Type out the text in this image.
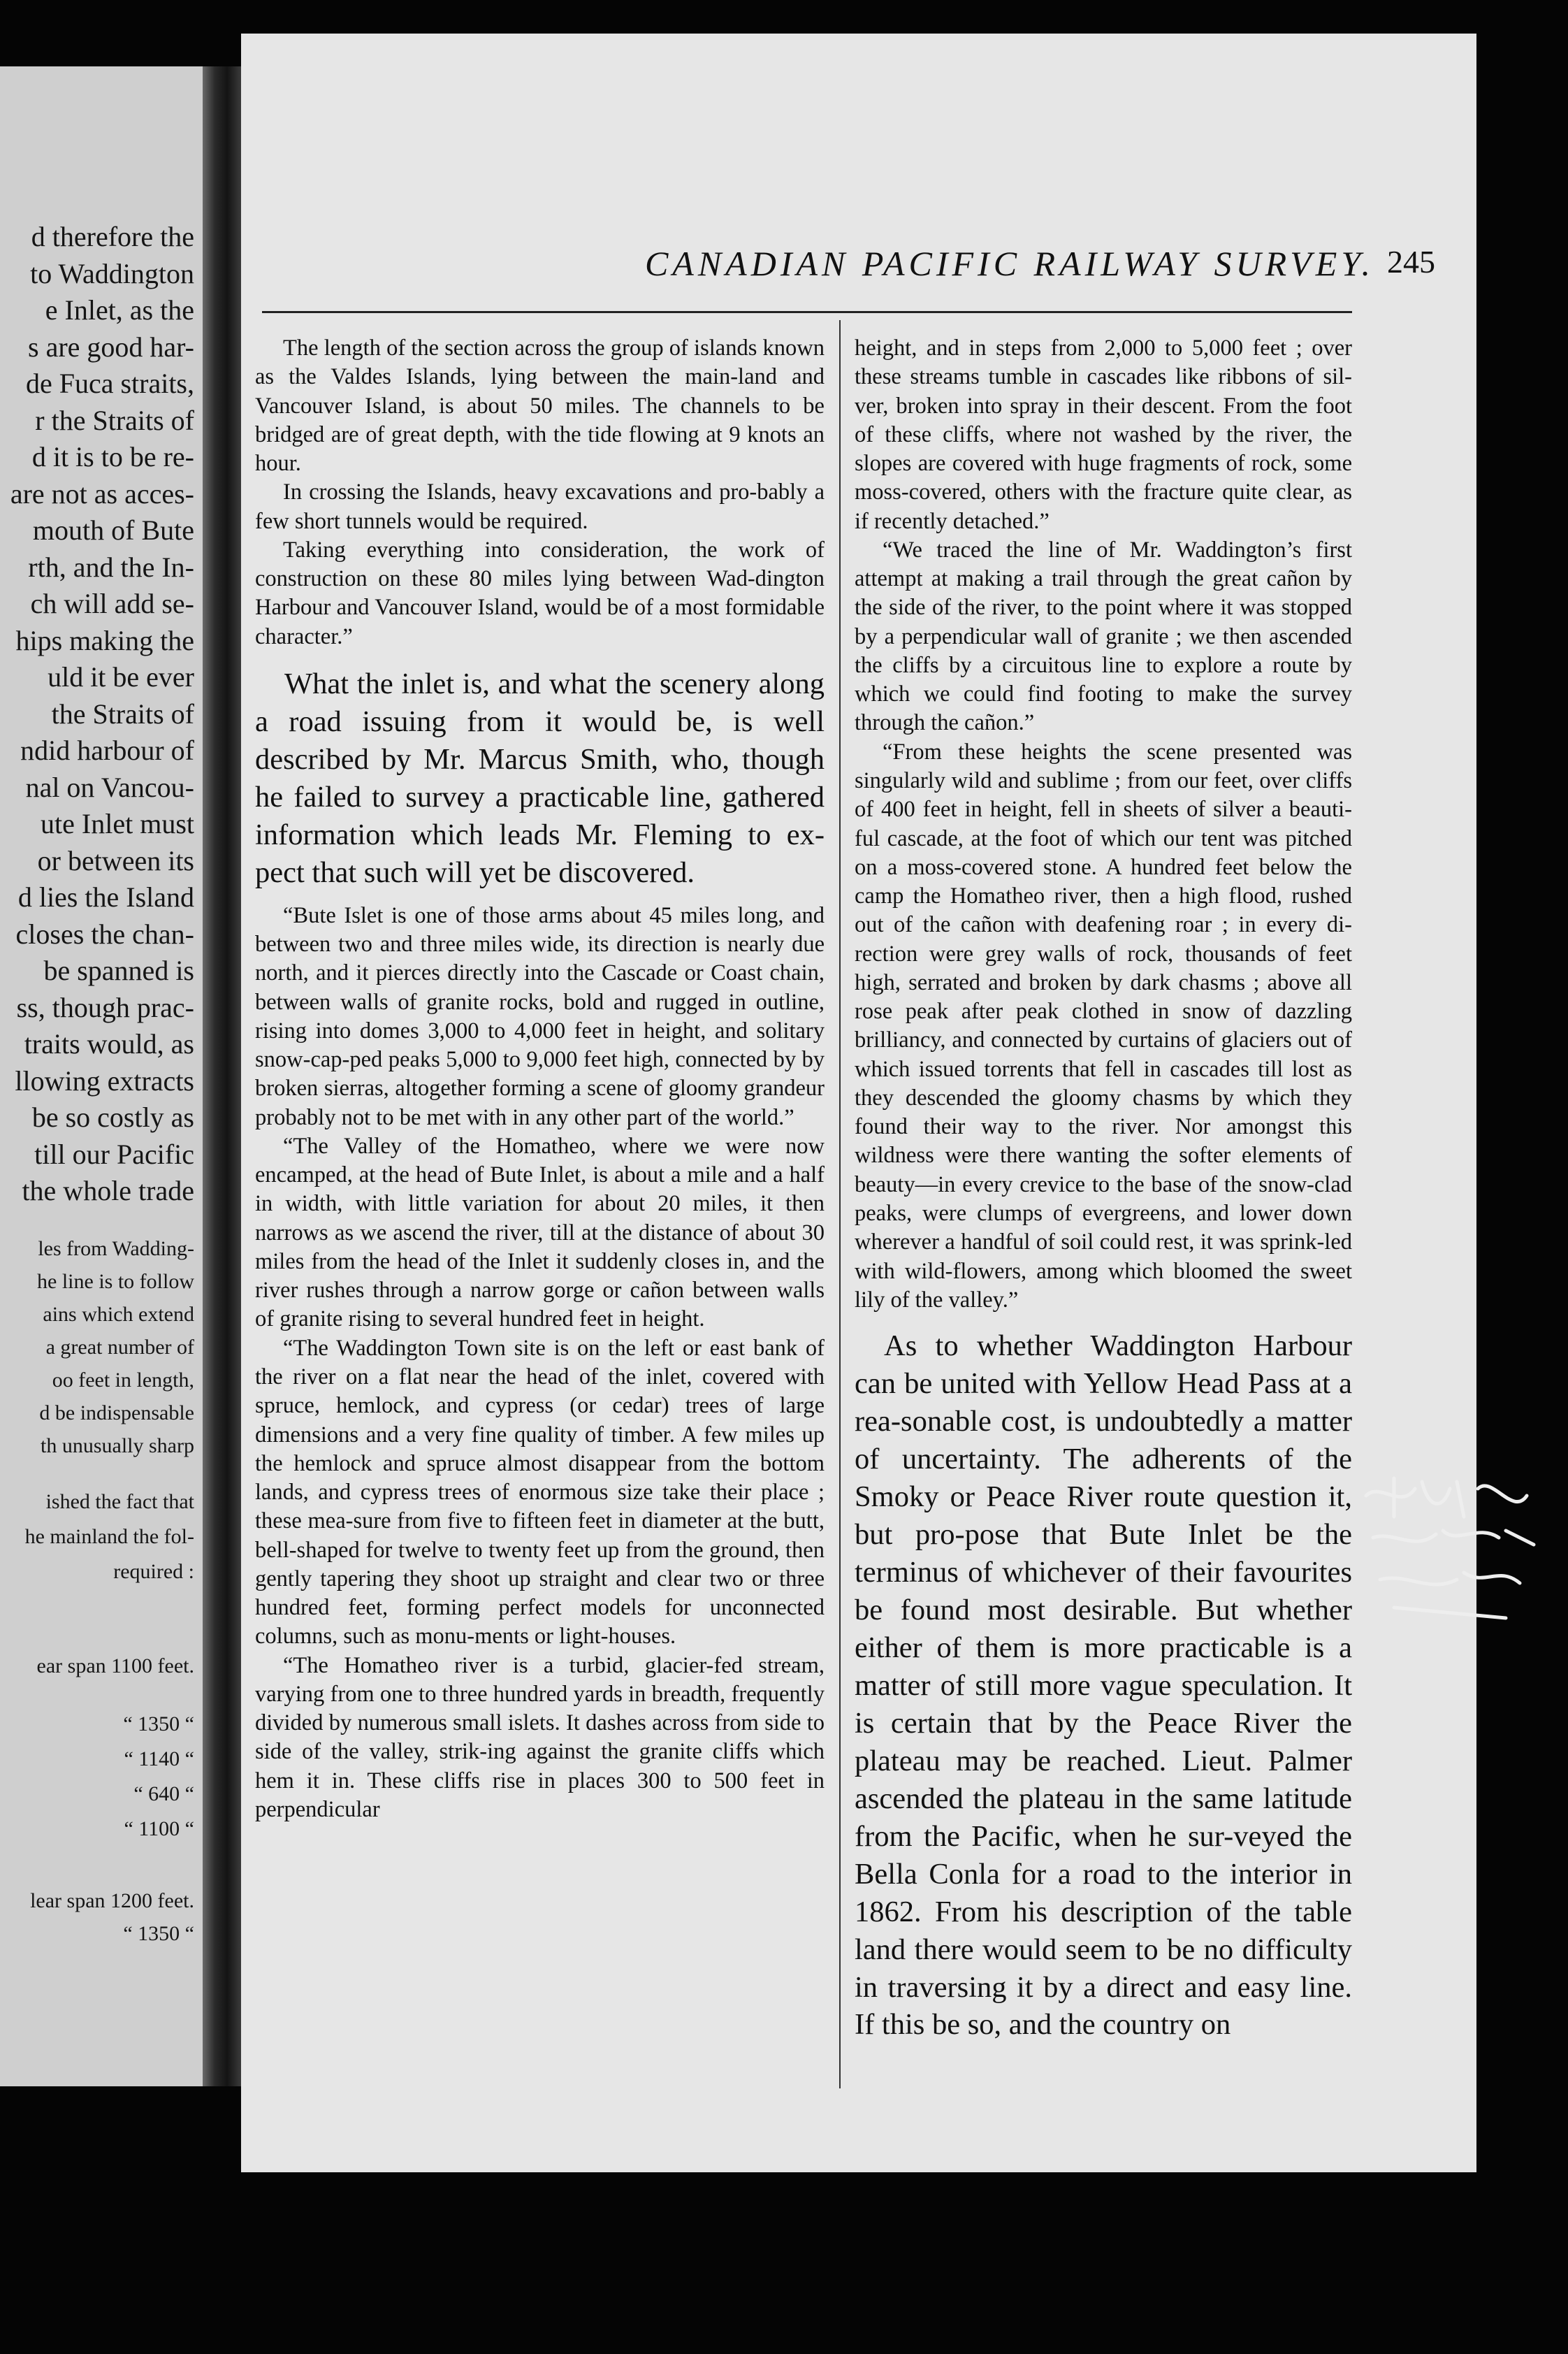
d therefore the
to Waddington
e Inlet, as the
s are good har-
de Fuca straits,
r the Straits of
d it is to be re-
are not as acces-
mouth of Bute
rth, and the In-
ch will add se-
hips making the
uld it be ever
the Straits of
ndid harbour of
nal on Vancou-
ute Inlet must
or between its
d lies the Island
closes the chan-
be spanned is
ss, though prac-
traits would, as
llowing extracts
be so costly as
till our Pacific
the whole trade
les from Wadding-
he line is to follow
ains which extend
a great number of
oo feet in length,
d be indispensable
th unusually sharp
ished the fact that
he mainland the fol-
required :
ear span 1100 feet.
“ 1350 “
“ 1140 “
“ 640 “
“ 1100 “
lear span 1200 feet.
“ 1350 “
CANADIAN PACIFIC RAILWAY SURVEY. 245

The length of the section across the group of islands known as the Valdes Islands, lying between the main-land and Vancouver Island, is about 50 miles. The channels to be bridged are of great depth, with the tide flowing at 9 knots an hour.

In crossing the Islands, heavy excavations and pro-bably a few short tunnels would be required.

Taking everything into consideration, the work of construction on these 80 miles lying between Wad-dington Harbour and Vancouver Island, would be of a most formidable character.”

What the inlet is, and what the scenery along a road issuing from it would be, is well described by Mr. Marcus Smith, who, though he failed to survey a practicable line, gathered information which leads Mr. Fleming to ex-pect that such will yet be discovered.

“Bute Islet is one of those arms about 45 miles long, and between two and three miles wide, its direction is nearly due north, and it pierces directly into the Cascade or Coast chain, between walls of granite rocks, bold and rugged in outline, rising into domes 3,000 to 4,000 feet in height, and solitary snow-cap-ped peaks 5,000 to 9,000 feet high, connected by by broken sierras, altogether forming a scene of gloomy grandeur probably not to be met with in any other part of the world.”

“The Valley of the Homatheo, where we were now encamped, at the head of Bute Inlet, is about a mile and a half in width, with little variation for about 20 miles, it then narrows as we ascend the river, till at the distance of about 30 miles from the head of the Inlet it suddenly closes in, and the river rushes through a narrow gorge or cañon between walls of granite rising to several hundred feet in height.

“The Waddington Town site is on the left or east bank of the river on a flat near the head of the inlet, covered with spruce, hemlock, and cypress (or cedar) trees of large dimensions and a very fine quality of timber. A few miles up the hemlock and spruce almost disappear from the bottom lands, and cypress trees of enormous size take their place ; these mea-sure from five to fifteen feet in diameter at the butt, bell-shaped for twelve to twenty feet up from the ground, then gently tapering they shoot up straight and clear two or three hundred feet, forming perfect models for unconnected columns, such as monu-ments or light-houses.

“The Homatheo river is a turbid, glacier-fed stream, varying from one to three hundred yards in breadth, frequently divided by numerous small islets. It dashes across from side to side of the valley, strik-ing against the granite cliffs which hem it in. These cliffs rise in places 300 to 500 feet in perpendicular

height, and in steps from 2,000 to 5,000 feet ; over these streams tumble in cascades like ribbons of sil-ver, broken into spray in their descent. From the foot of these cliffs, where not washed by the river, the slopes are covered with huge fragments of rock, some moss-covered, others with the fracture quite clear, as if recently detached.”

“We traced the line of Mr. Waddington’s first attempt at making a trail through the great cañon by the side of the river, to the point where it was stopped by a perpendicular wall of granite ; we then ascended the cliffs by a circuitous line to explore a route by which we could find footing to make the survey through the cañon.”

“From these heights the scene presented was singularly wild and sublime ; from our feet, over cliffs of 400 feet in height, fell in sheets of silver a beauti-ful cascade, at the foot of which our tent was pitched on a moss-covered stone. A hundred feet below the camp the Homatheo river, then a high flood, rushed out of the cañon with deafening roar ; in every di-rection were grey walls of rock, thousands of feet high, serrated and broken by dark chasms ; above all rose peak after peak clothed in snow of dazzling brilliancy, and connected by curtains of glaciers out of which issued torrents that fell in cascades till lost as they descended the gloomy chasms by which they found their way to the river. Nor amongst this wildness were there wanting the softer elements of beauty—in every crevice to the base of the snow-clad peaks, were clumps of evergreens, and lower down wherever a handful of soil could rest, it was sprink-led with wild-flowers, among which bloomed the sweet lily of the valley.”

As to whether Waddington Harbour can be united with Yellow Head Pass at a rea-sonable cost, is undoubtedly a matter of uncertainty. The adherents of the Smoky or Peace River route question it, but pro-pose that Bute Inlet be the terminus of whichever of their favourites be found most desirable. But whether either of them is more practicable is a matter of still more vague speculation. It is certain that by the Peace River the plateau may be reached. Lieut. Palmer ascended the plateau in the same latitude from the Pacific, when he sur-veyed the Bella Conla for a road to the interior in 1862. From his description of the table land there would seem to be no difficulty in traversing it by a direct and easy line. If this be so, and the country on
